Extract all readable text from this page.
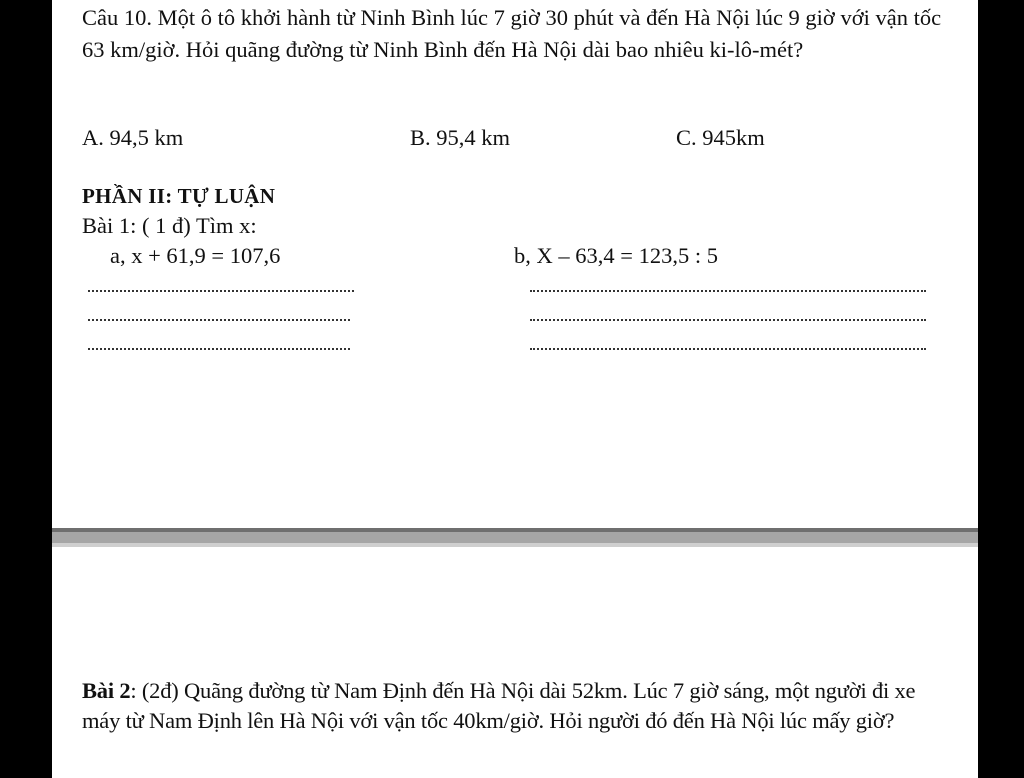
Câu 10. Một ô tô khởi hành từ Ninh Bình lúc 7 giờ 30 phút và đến Hà Nội lúc 9 giờ với vận tốc 63 km/giờ. Hỏi quãng đường từ Ninh Bình đến Hà Nội dài bao nhiêu ki-lô-mét?

A. 94,5 km	B. 95,4 km	C. 945km
PHẦN II: TỰ LUẬN
Bài 1: ( 1 đ) Tìm x:
a, x + 61,9 = 107,6	b, X – 63,4 = 123,5 : 5

Bài 2: (2đ) Quãng đường từ Nam Định đến Hà Nội dài 52km. Lúc 7 giờ sáng, một người đi xe máy từ Nam Định lên Hà Nội với vận tốc 40km/giờ. Hỏi người đó đến Hà Nội lúc mấy giờ?
